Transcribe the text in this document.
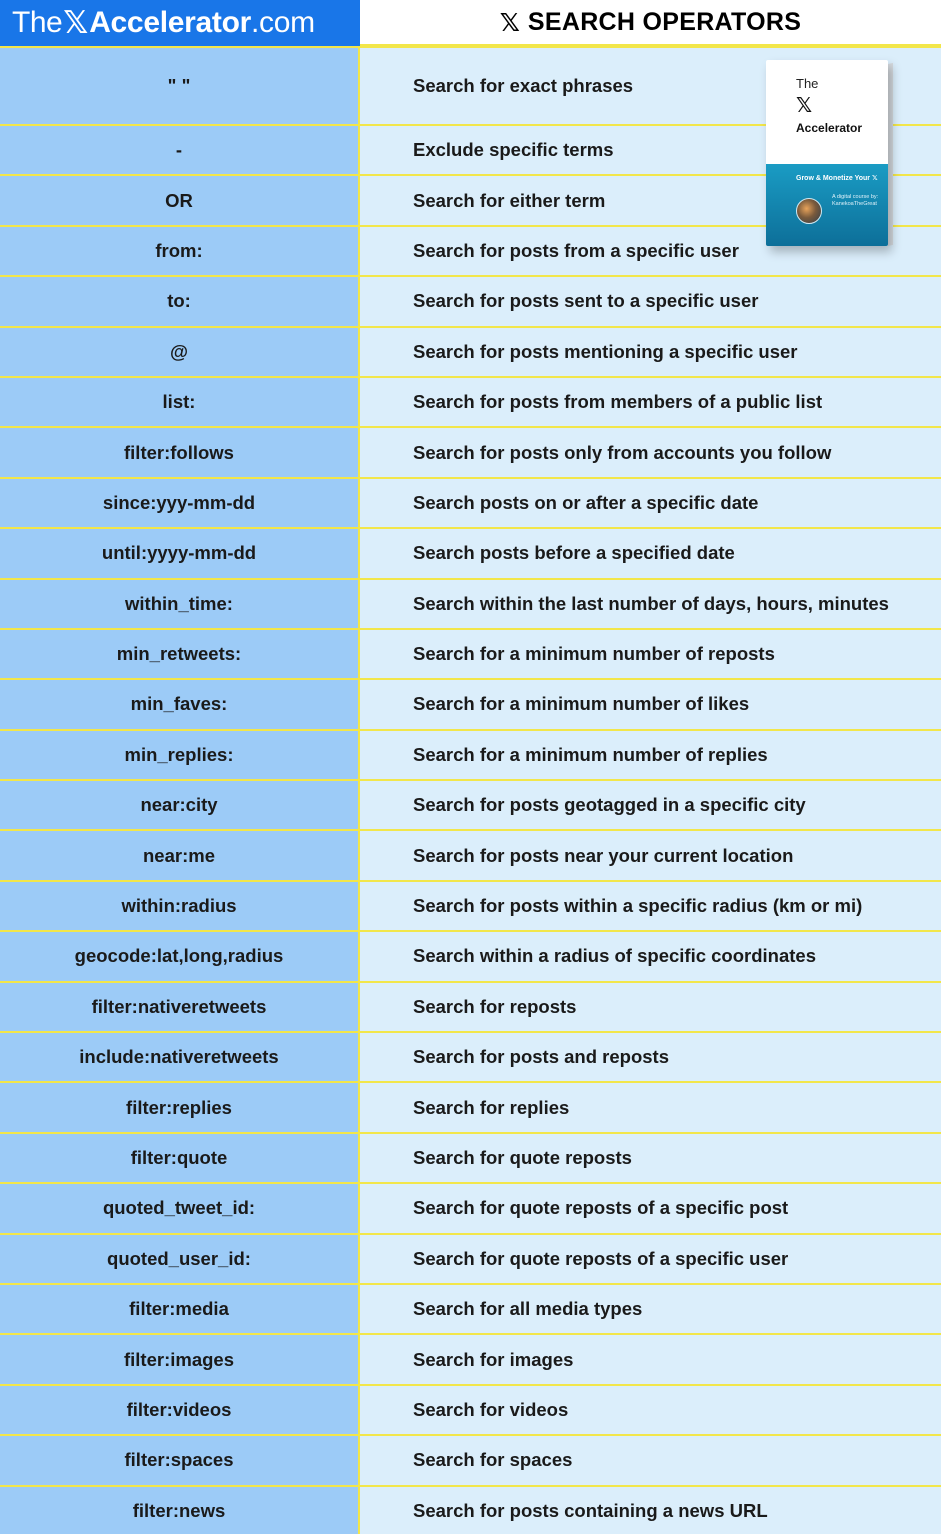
The 𝕏 Accelerator .com	𝕏 SEARCH OPERATORS
" "	Search for exact phrases
-	Exclude specific terms
OR	Search for either term
from:	Search for posts from a specific user
to:	Search for posts sent to a specific user
@	Search for posts mentioning a specific user
list:	Search for posts from members of a public list
filter:follows	Search for posts only from accounts you follow
since:yyy-mm-dd	Search posts on or after a specific date
until:yyyy-mm-dd	Search posts before a specified date
within_time:	Search within the last number of days, hours, minutes
min_retweets:	Search for a minimum number of reposts
min_faves:	Search for a minimum number of likes
min_replies:	Search for a minimum number of replies
near:city	Search for posts geotagged in a specific city
near:me	Search for posts near your current location
within:radius	Search for posts within a specific radius (km or mi)
geocode:lat,long,radius	Search within a radius of specific coordinates
filter:nativeretweets	Search for reposts
include:nativeretweets	Search for posts and reposts
filter:replies	Search for replies
filter:quote	Search for quote reposts
quoted_tweet_id:	Search for quote reposts of a specific post
quoted_user_id:	Search for quote reposts of a specific user
filter:media	Search for all media types
filter:images	Search for images
filter:videos	Search for videos
filter:spaces	Search for spaces
filter:news	Search for posts containing a news URL
The
𝕏
Accelerator
Grow & Monetize Your 𝕏
A digital course by:
KanekoaTheGreat
